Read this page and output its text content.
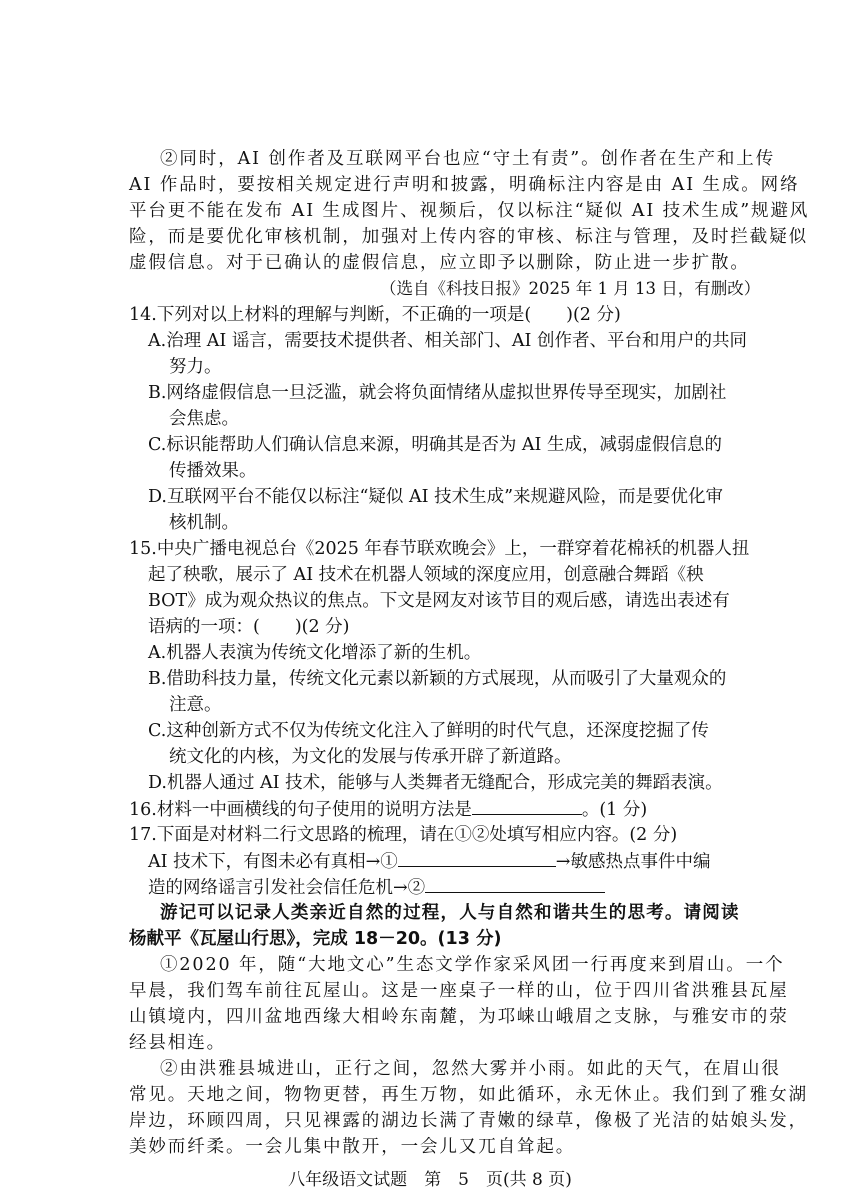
②同时，AI 创作者及互联网平台也应“守土有责”。创作者在生产和上传
AI 作品时，要按相关规定进行声明和披露，明确标注内容是由 AI 生成。网络
平台更不能在发布 AI 生成图片、视频后，仅以标注“疑似 AI 技术生成”规避风
险，而是要优化审核机制，加强对上传内容的审核、标注与管理，及时拦截疑似
虚假信息。对于已确认的虚假信息，应立即予以删除，防止进一步扩散。
（选自《科技日报》2025 年 1 月 13 日，有删改）
14.下列对以上材料的理解与判断，不正确的一项是(　　)(2 分)
A.治理 AI 谣言，需要技术提供者、相关部门、AI 创作者、平台和用户的共同
努力。
B.网络虚假信息一旦泛滥，就会将负面情绪从虚拟世界传导至现实，加剧社
会焦虑。
C.标识能帮助人们确认信息来源，明确其是否为 AI 生成，减弱虚假信息的
传播效果。
D.互联网平台不能仅以标注“疑似 AI 技术生成”来规避风险，而是要优化审
核机制。
15.中央广播电视总台《2025 年春节联欢晚会》上，一群穿着花棉袄的机器人扭
起了秧歌，展示了 AI 技术在机器人领域的深度应用，创意融合舞蹈《秧
BOT》成为观众热议的焦点。下文是网友对该节目的观后感，请选出表述有
语病的一项：(　　)(2 分)
A.机器人表演为传统文化增添了新的生机。
B.借助科技力量，传统文化元素以新颖的方式展现，从而吸引了大量观众的
注意。
C.这种创新方式不仅为传统文化注入了鲜明的时代气息，还深度挖掘了传
统文化的内核，为文化的发展与传承开辟了新道路。
D.机器人通过 AI 技术，能够与人类舞者无缝配合，形成完美的舞蹈表演。
16.材料一中画横线的句子使用的说明方法是	。(1 分)
17.下面是对材料二行文思路的梳理，请在①②处填写相应内容。(2 分)
AI 技术下，有图未必有真相→①	→敏感热点事件中编
造的网络谣言引发社会信任危机→②
游记可以记录人类亲近自然的过程，人与自然和谐共生的思考。请阅读
杨献平《瓦屋山行思》，完成 18－20。(13 分)
①2020 年，随“大地文心”生态文学作家采风团一行再度来到眉山。一个
早晨，我们驾车前往瓦屋山。这是一座桌子一样的山，位于四川省洪雅县瓦屋
山镇境内，四川盆地西缘大相岭东南麓，为邛崃山峨眉之支脉，与雅安市的荥
经县相连。
②由洪雅县城进山，正行之间，忽然大雾并小雨。如此的天气，在眉山很
常见。天地之间，物物更替，再生万物，如此循环，永无休止。我们到了雅女湖
岸边，环顾四周，只见裸露的湖边长满了青嫩的绿草，像极了光洁的姑娘头发，
美妙而纤柔。一会儿集中散开，一会儿又兀自耸起。
八年级语文试题　第　5　页(共 8 页)
